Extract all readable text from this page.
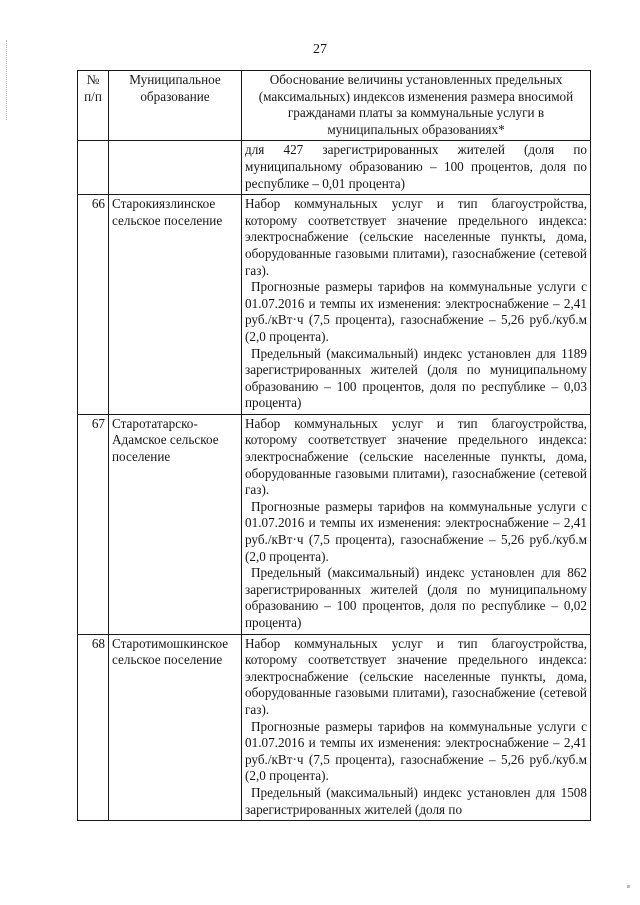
27
№ п/п	Муниципальное образование	Обоснование величины установленных предельных (максимальных) индексов изменения размера вносимой гражданами платы за коммунальные услуги в муниципальных образованиях*

		для 427 зарегистрированных жителей (доля по муниципальному образованию – 100 процентов, доля по республике – 0,01 процента)

66	Старокиязлинское сельское поселение	Набор коммунальных услуг и тип благоустройства, которому соответствует значение предельного индекса: электроснабжение (сельские населенные пункты, дома, оборудованные газовыми плитами), газоснабжение (сетевой газ).

Прогнозные размеры тарифов на коммунальные услуги с 01.07.2016 и темпы их изменения: электроснабжение – 2,41 руб./кВт·ч (7,5 процента), газоснабжение – 5,26 руб./куб.м (2,0 процента).

Предельный (максимальный) индекс установлен для 1189 зарегистрированных жителей (доля по муниципальному образованию – 100 процентов, доля по республике – 0,03 процента)

67	Старотатарско-Адамское сельское поселение	Набор коммунальных услуг и тип благоустройства, которому соответствует значение предельного индекса: электроснабжение (сельские населенные пункты, дома, оборудованные газовыми плитами), газоснабжение (сетевой газ).

Прогнозные размеры тарифов на коммунальные услуги с 01.07.2016 и темпы их изменения: электроснабжение – 2,41 руб./кВт·ч (7,5 процента), газоснабжение – 5,26 руб./куб.м (2,0 процента).

Предельный (максимальный) индекс установлен для 862 зарегистрированных жителей (доля по муниципальному образованию – 100 процентов, доля по республике – 0,02 процента)

68	Старотимошкинское сельское поселение	Набор коммунальных услуг и тип благоустройства, которому соответствует значение предельного индекса: электроснабжение (сельские населенные пункты, дома, оборудованные газовыми плитами), газоснабжение (сетевой газ).

Прогнозные размеры тарифов на коммунальные услуги с 01.07.2016 и темпы их изменения: электроснабжение – 2,41 руб./кВт·ч (7,5 процента), газоснабжение – 5,26 руб./куб.м (2,0 процента).

Предельный (максимальный) индекс установлен для 1508 зарегистрированных жителей (доля по
